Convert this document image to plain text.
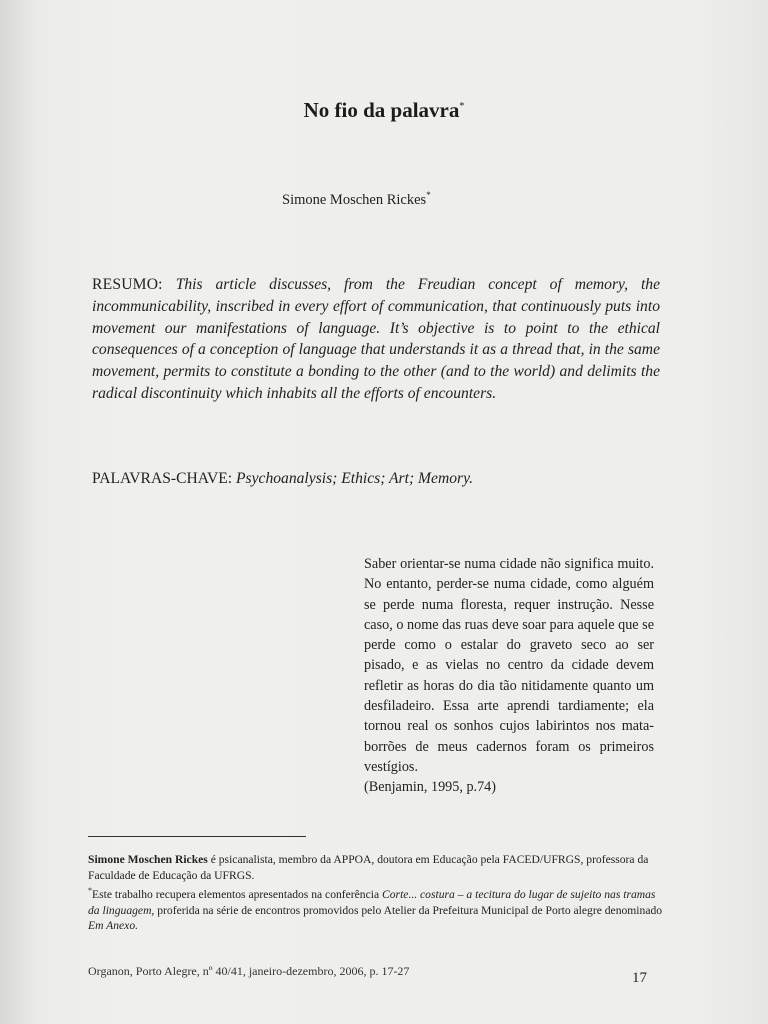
No fio da palavra*
Simone Moschen Rickes*
RESUMO: This article discusses, from the Freudian concept of memory, the incommunicability, inscribed in every effort of communication, that continuously puts into movement our manifestations of language. It’s objective is to point to the ethical consequences of a conception of language that understands it as a thread that, in the same movement, permits to constitute a bonding to the other (and to the world) and delimits the radical discontinuity which inhabits all the efforts of encounters.
PALAVRAS-CHAVE: Psychoanalysis; Ethics; Art; Memory.
Saber orientar-se numa cidade não significa muito. No entanto, perder-se numa cidade, como alguém se perde numa floresta, requer instrução. Nesse caso, o nome das ruas deve soar para aquele que se perde como o estalar do graveto seco ao ser pisado, e as vielas no centro da cidade devem refletir as horas do dia tão nitidamente quanto um desfiladeiro. Essa arte aprendi tardiamente; ela tornou real os sonhos cujos labirintos nos mata-borrões de meus cadernos foram os primeiros vestígios.
(Benjamin, 1995, p.74)

Simone Moschen Rickes é psicanalista, membro da APPOA, doutora em Educação pela FACED/UFRGS, professora da Faculdade de Educação da UFRGS.

*Este trabalho recupera elementos apresentados na conferência Corte... costura – a tecitura do lugar de sujeito nas tramas da linguagem, proferida na série de encontros promovidos pelo Atelier da Prefeitura Municipal de Porto alegre denominado Em Anexo.

Organon, Porto Alegre, nº 40/41, janeiro-dezembro, 2006, p. 17-27	17
